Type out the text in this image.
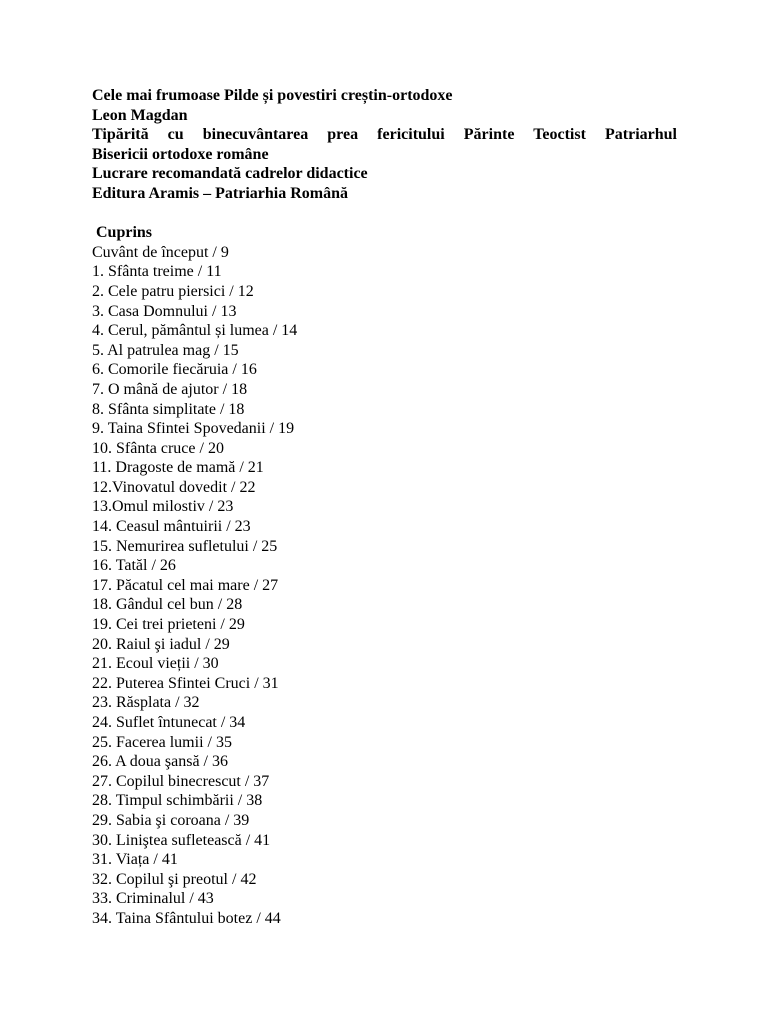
Cele mai frumoase Pilde și povestiri creștin-ortodoxe

Leon Magdan

Tipărită cu binecuvântarea prea fericitului Părinte Teoctist Patriarhul

Bisericii ortodoxe române

Lucrare recomandată cadrelor didactice

Editura Aramis – Patriarhia Română

Cuprins

Cuvânt de început / 9

1. Sfânta treime / 11

2. Cele patru piersici / 12

3. Casa Domnului / 13

4. Cerul, pământul și lumea / 14

5. Al patrulea mag / 15

6. Comorile fiecăruia / 16

7. O mână de ajutor / 18

8. Sfânta simplitate / 18

9. Taina Sfintei Spovedanii / 19

10. Sfânta cruce / 20

11. Dragoste de mamă / 21

12.Vinovatul dovedit / 22

13.Omul milostiv / 23

14. Ceasul mântuirii / 23

15. Nemurirea sufletului / 25

16. Tatăl / 26

17. Păcatul cel mai mare / 27

18. Gândul cel bun / 28

19. Cei trei prieteni / 29

20. Raiul şi iadul / 29

21. Ecoul vieții / 30

22. Puterea Sfintei Cruci / 31

23. Răsplata / 32

24. Suflet întunecat / 34

25. Facerea lumii / 35

26. A doua şansă / 36

27. Copilul binecrescut / 37

28. Timpul schimbării / 38

29. Sabia şi coroana / 39

30. Liniştea sufletească / 41

31. Viața / 41

32. Copilul şi preotul / 42

33. Criminalul / 43

34. Taina Sfântului botez / 44
